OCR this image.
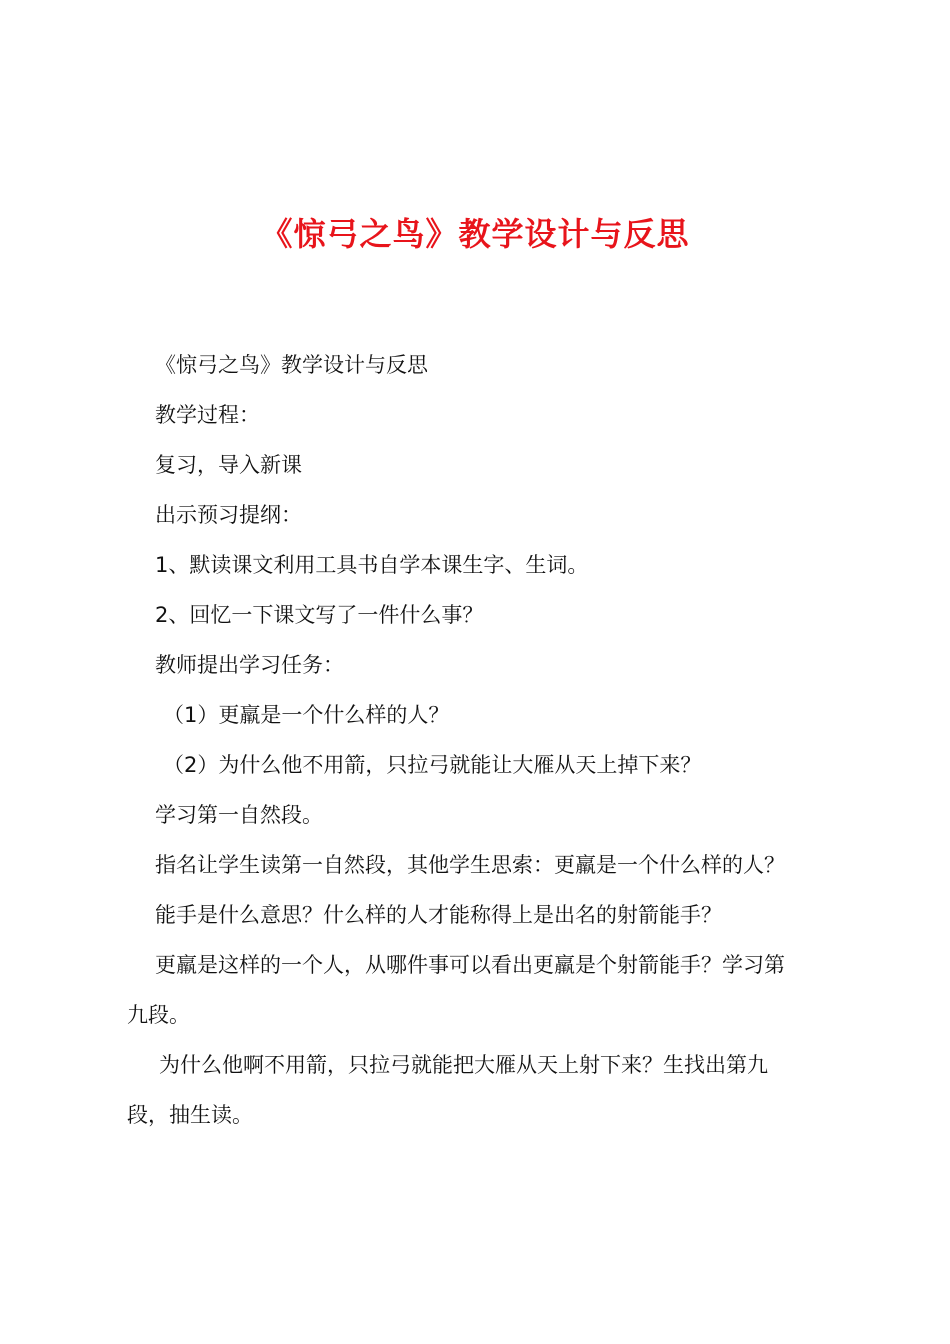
《惊弓之鸟》教学设计与反思
《惊弓之鸟》教学设计与反思
教学过程：
复习，导入新课
出示预习提纲：
1、默读课文利用工具书自学本课生字、生词。
2、回忆一下课文写了一件什么事？
教师提出学习任务：
（1）更羸是一个什么样的人？
（2）为什么他不用箭，只拉弓就能让大雁从天上掉下来？
学习第一自然段。
指名让学生读第一自然段，其他学生思索：更羸是一个什么样的人？
能手是什么意思？什么样的人才能称得上是出名的射箭能手？
更羸是这样的一个人，从哪件事可以看出更羸是个射箭能手？学习第
九段。
为什么他啊不用箭，只拉弓就能把大雁从天上射下来？生找出第九
段，抽生读。
